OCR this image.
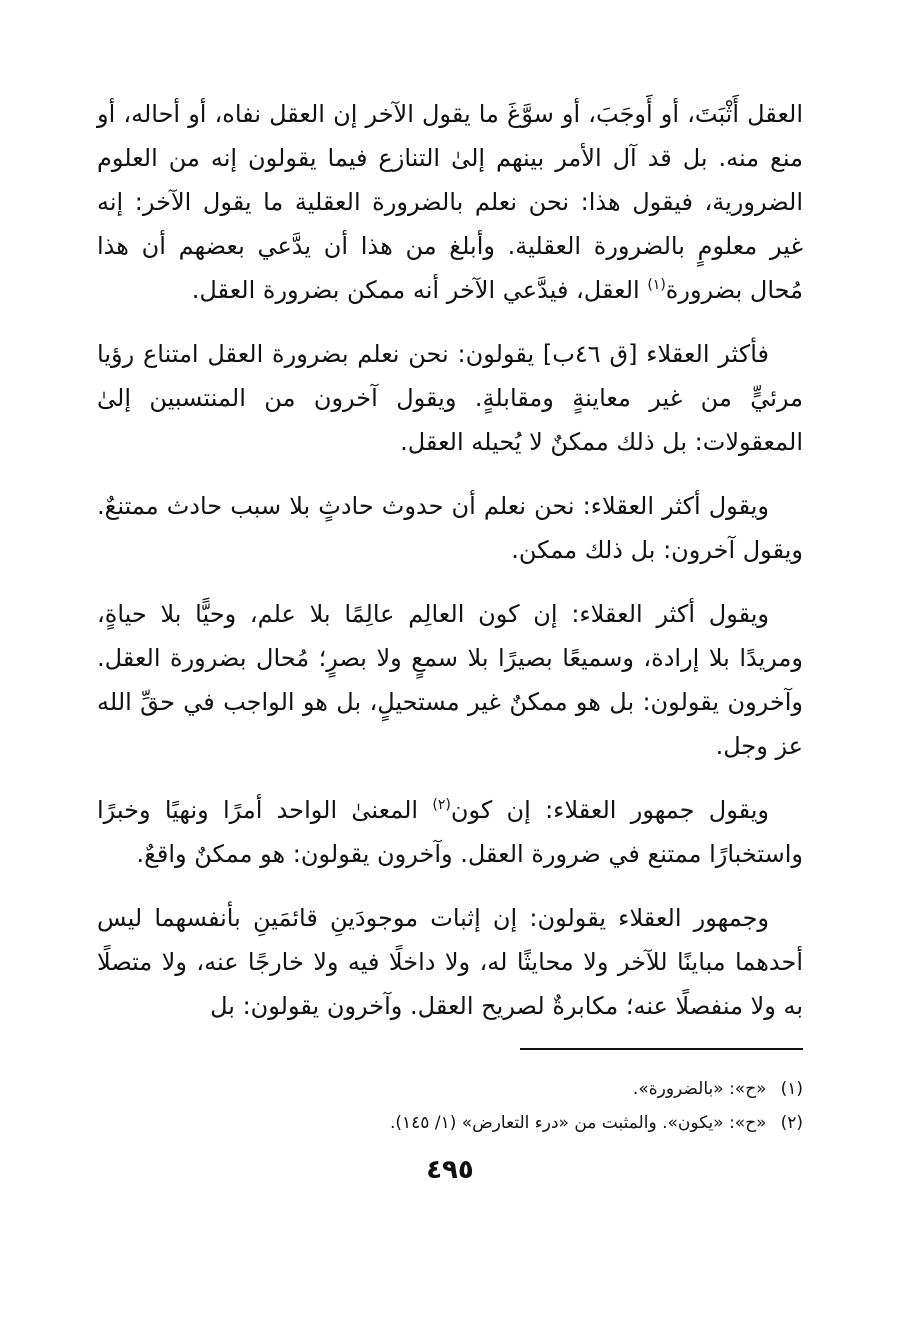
العقل أَثْبَتَ، أو أَوجَبَ، أو سوَّغَ ما يقول الآخر إن العقل نفاه، أو أحاله، أو منع منه. بل قد آل الأمر بينهم إلىٰ التنازع فيما يقولون إنه من العلوم الضرورية، فيقول هذا: نحن نعلم بالضرورة العقلية ما يقول الآخر: إنه غير معلومٍ بالضرورة العقلية. وأبلغ من هذا أن يدَّعي بعضهم أن هذا مُحال بضرورة$^{(١)}$ العقل، فيدَّعي الآخر أنه ممكن بضرورة العقل.

فأكثر العقلاء [ق ٤٦ب] يقولون: نحن نعلم بضرورة العقل امتناع رؤيا مرئيٍّ من غير معاينةٍ ومقابلةٍ. ويقول آخرون من المنتسبين إلىٰ المعقولات: بل ذلك ممكنٌ لا يُحيله العقل.

ويقول أكثر العقلاء: نحن نعلم أن حدوث حادثٍ بلا سبب حادث ممتنعٌ. ويقول آخرون: بل ذلك ممكن.

ويقول أكثر العقلاء: إن كون العالِم عالِمًا بلا علم، وحيًّا بلا حياةٍ، ومريدًا بلا إرادة، وسميعًا بصيرًا بلا سمعٍ ولا بصرٍ؛ مُحال بضرورة العقل. وآخرون يقولون: بل هو ممكنٌ غير مستحيلٍ، بل هو الواجب في حقِّ الله عز وجل.

ويقول جمهور العقلاء: إن كون$^{(٢)}$ المعنىٰ الواحد أمرًا ونهيًا وخبرًا واستخبارًا ممتنع في ضرورة العقل. وآخرون يقولون: هو ممكنٌ واقعٌ.

وجمهور العقلاء يقولون: إن إثبات موجودَينِ قائمَينِ بأنفسهما ليس أحدهما مباينًا للآخر ولا محايثًا له، ولا داخلًا فيه ولا خارجًا عنه، ولا متصلًا به ولا منفصلًا عنه؛ مكابرةٌ لصريح العقل. وآخرون يقولون: بل

(١)«ح»: «بالضرورة».

(٢)«ح»: «يكون». والمثبت من «درء التعارض» (١/ ١٤٥).

٤٩٥
